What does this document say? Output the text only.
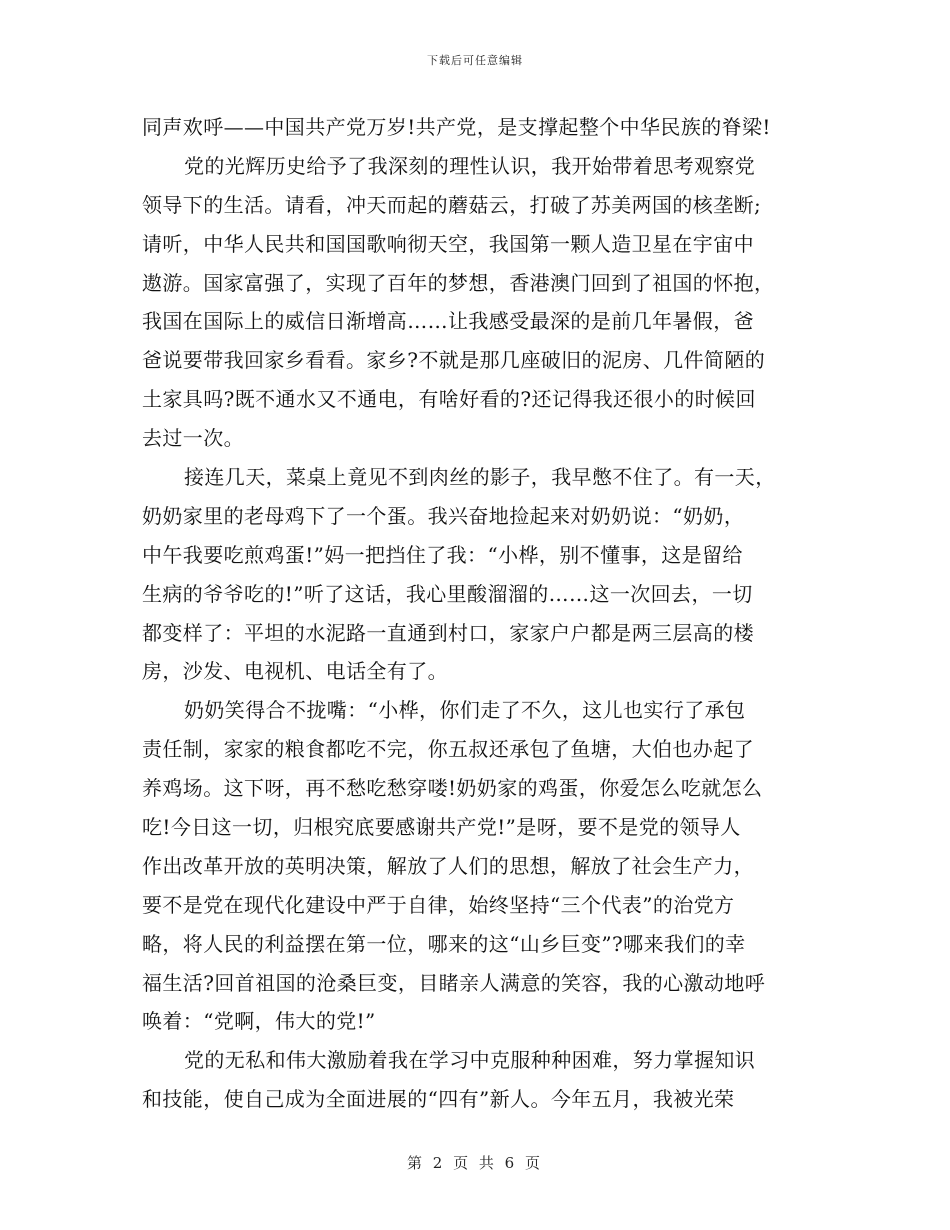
下载后可任意编辑
同声欢呼——中国共产党万岁!共产党，是支撑起整个中华民族的脊梁!
党的光辉历史给予了我深刻的理性认识，我开始带着思考观察党
领导下的生活。请看，冲天而起的蘑菇云，打破了苏美两国的核垄断;
请听，中华人民共和国国歌响彻天空，我国第一颗人造卫星在宇宙中
遨游。国家富强了，实现了百年的梦想，香港澳门回到了祖国的怀抱，
我国在国际上的威信日渐增高……让我感受最深的是前几年暑假，爸
爸说要带我回家乡看看。家乡?不就是那几座破旧的泥房、几件简陋的
土家具吗?既不通水又不通电，有啥好看的?还记得我还很小的时候回
去过一次。
接连几天，菜桌上竟见不到肉丝的影子，我早憋不住了。有一天，
奶奶家里的老母鸡下了一个蛋。我兴奋地捡起来对奶奶说：“奶奶，
中午我要吃煎鸡蛋!”妈一把挡住了我：“小桦，别不懂事，这是留给
生病的爷爷吃的!”听了这话，我心里酸溜溜的……这一次回去，一切
都变样了：平坦的水泥路一直通到村口，家家户户都是两三层高的楼
房，沙发、电视机、电话全有了。
奶奶笑得合不拢嘴：“小桦，你们走了不久，这儿也实行了承包
责任制，家家的粮食都吃不完，你五叔还承包了鱼塘，大伯也办起了
养鸡场。这下呀，再不愁吃愁穿喽!奶奶家的鸡蛋，你爱怎么吃就怎么
吃!今日这一切，归根究底要感谢共产党!”是呀，要不是党的领导人
作出改革开放的英明决策，解放了人们的思想，解放了社会生产力，
要不是党在现代化建设中严于自律，始终坚持“三个代表”的治党方
略，将人民的利益摆在第一位，哪来的这“山乡巨变”?哪来我们的幸
福生活?回首祖国的沧桑巨变，目睹亲人满意的笑容，我的心激动地呼
唤着：“党啊，伟大的党!”
党的无私和伟大激励着我在学习中克服种种困难，努力掌握知识
和技能，使自己成为全面进展的“四有”新人。今年五月，我被光荣
第 2 页 共 6 页
